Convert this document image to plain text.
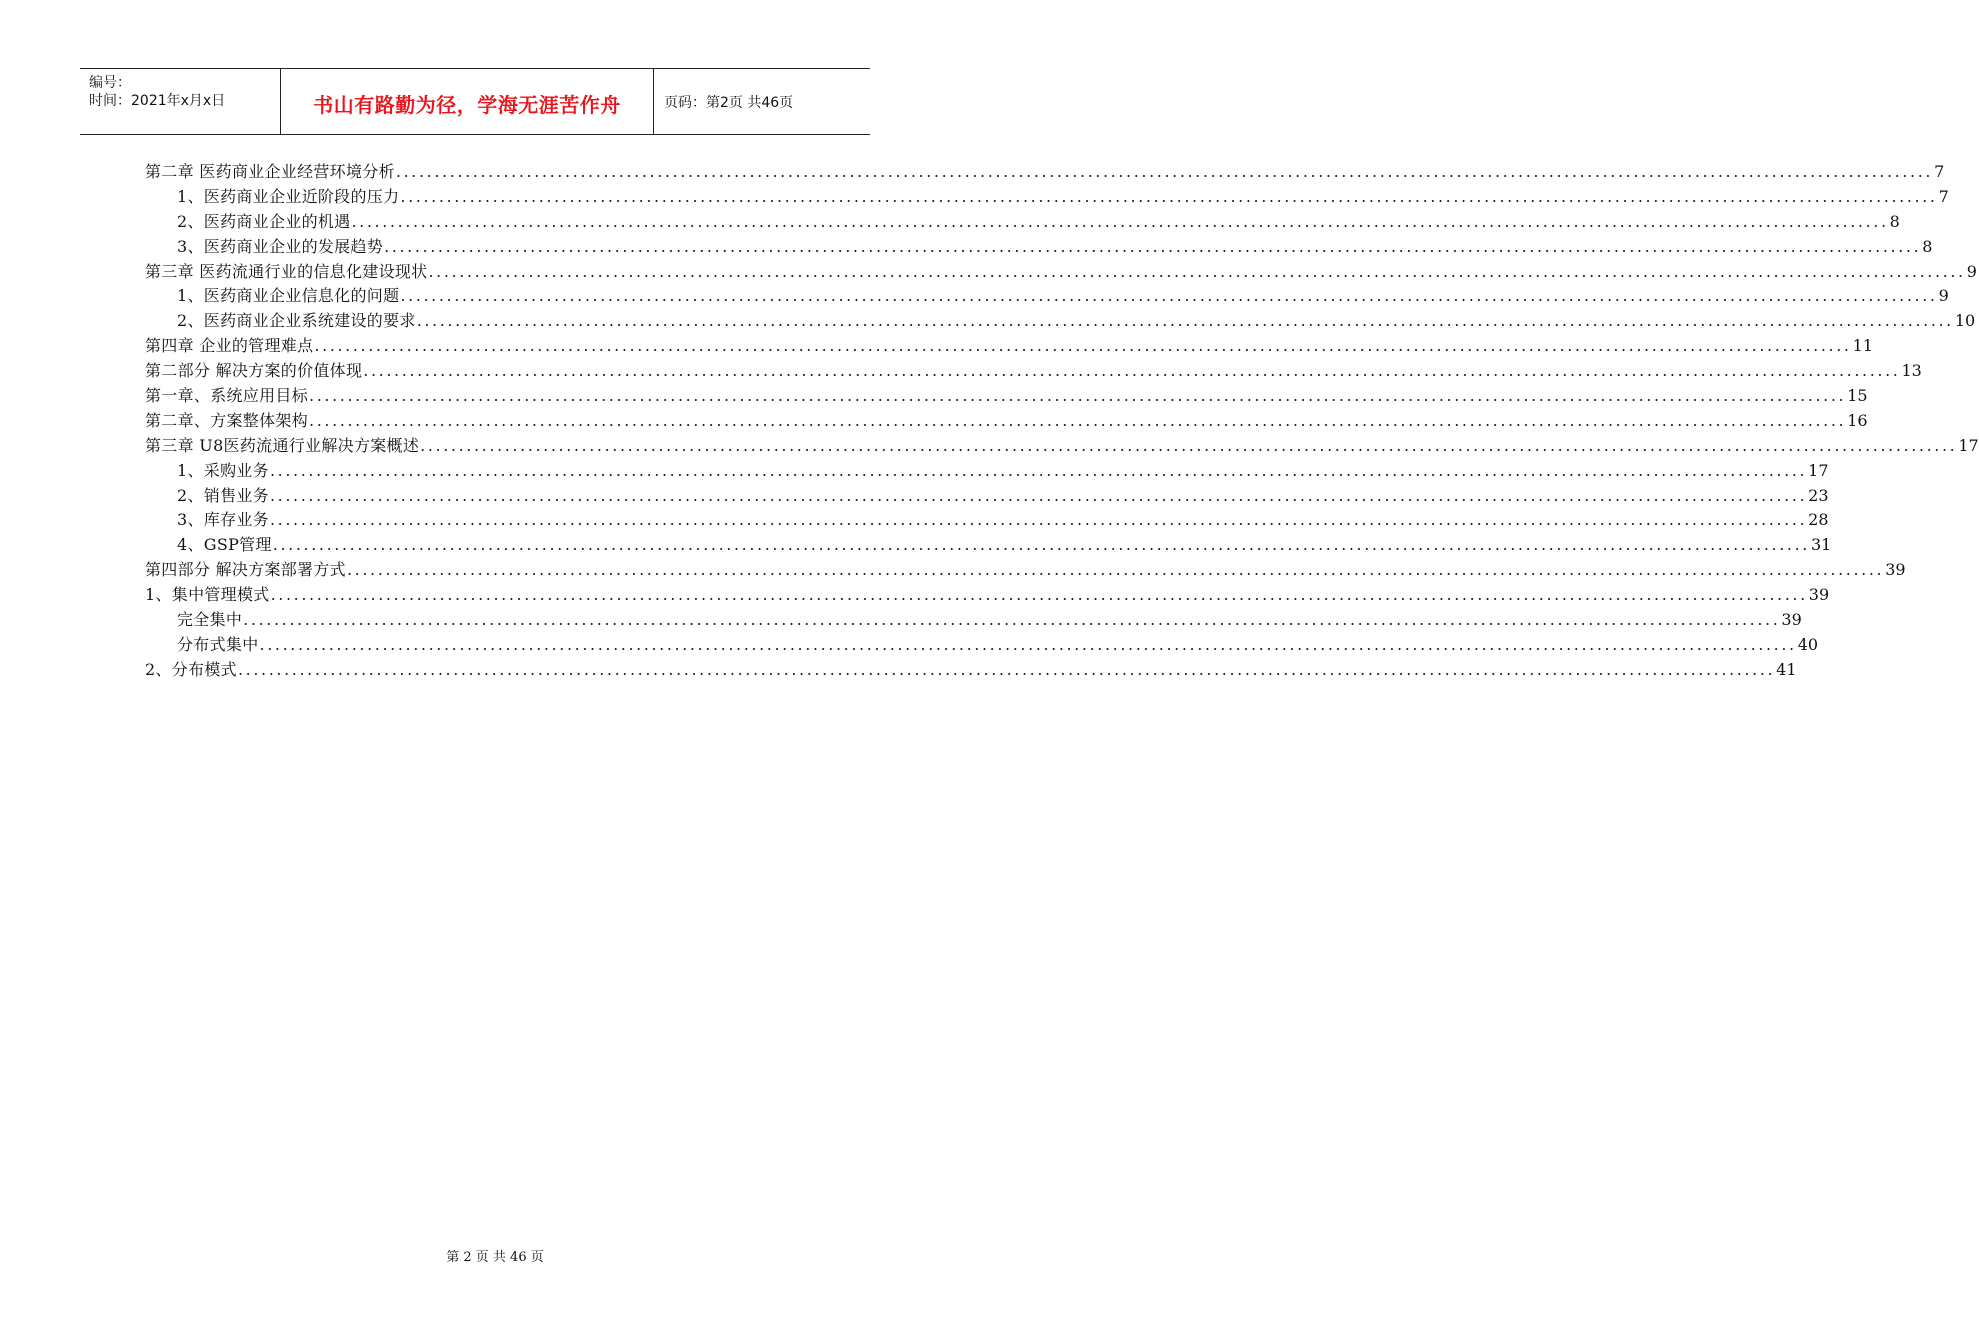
编号：
时间：2021年x月x日	书山有路勤为径，学海无涯苦作舟	页码：第2页 共46页
第二章 医药商业企业经营环境分析 ........................................................................................................................................................................................................ 7
1、医药商业企业近阶段的压力 ........................................................................................................................................................................................................ 7
2、医药商业企业的机遇 ........................................................................................................................................................................................................ 8
3、医药商业企业的发展趋势 ........................................................................................................................................................................................................ 8
第三章 医药流通行业的信息化建设现状 ........................................................................................................................................................................................................ 9
1、医药商业企业信息化的问题 ........................................................................................................................................................................................................ 9
2、医药商业企业系统建设的要求 ........................................................................................................................................................................................................ 10
第四章 企业的管理难点 ........................................................................................................................................................................................................ 11
第二部分 解决方案的价值体现 ........................................................................................................................................................................................................ 13
第一章、系统应用目标 ........................................................................................................................................................................................................ 15
第二章、方案整体架构 ........................................................................................................................................................................................................ 16
第三章 U8医药流通行业解决方案概述 ........................................................................................................................................................................................................ 17
1、采购业务 ........................................................................................................................................................................................................ 17
2、销售业务 ........................................................................................................................................................................................................ 23
3、库存业务 ........................................................................................................................................................................................................ 28
4、GSP管理 ........................................................................................................................................................................................................ 31
第四部分 解决方案部署方式 ........................................................................................................................................................................................................ 39
1、集中管理模式 ........................................................................................................................................................................................................ 39
完全集中 ........................................................................................................................................................................................................ 39
分布式集中 ........................................................................................................................................................................................................ 40
2、分布模式 ........................................................................................................................................................................................................ 41
第 2 页 共 46 页
